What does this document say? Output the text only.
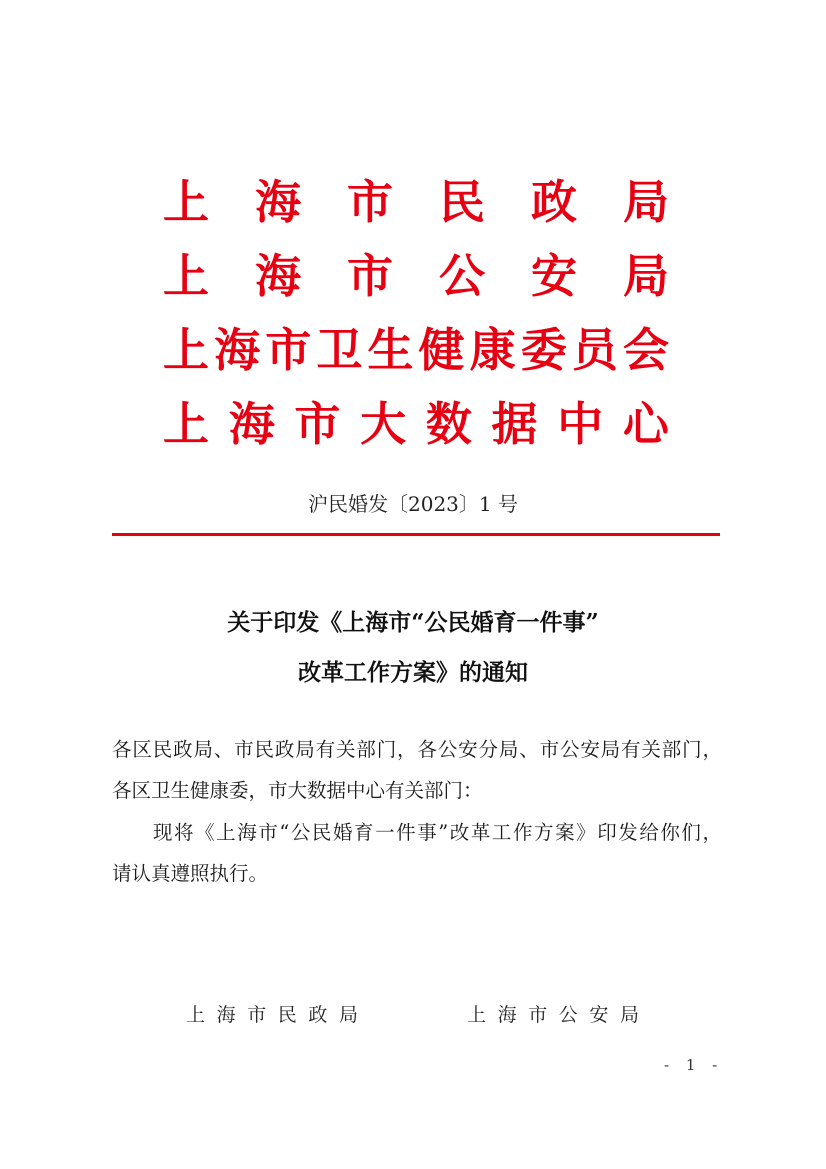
上 海 市 民 政 局
上 海 市 公 安 局
上 海 市 卫 生 健 康 委 员 会
上 海 市 大 数 据 中 心
沪民婚发〔2023〕1 号
关于印发《上海市“公民婚育一件事”
改革工作方案》的通知
各区民政局、市民政局有关部门，各公安分局、市公安局有关部门，
各区卫生健康委，市大数据中心有关部门：
现将《上海市“公民婚育一件事”改革工作方案》印发给你们，
请认真遵照执行。
上 海 市 民 政 局	上 海 市 公 安 局
- 1 -
